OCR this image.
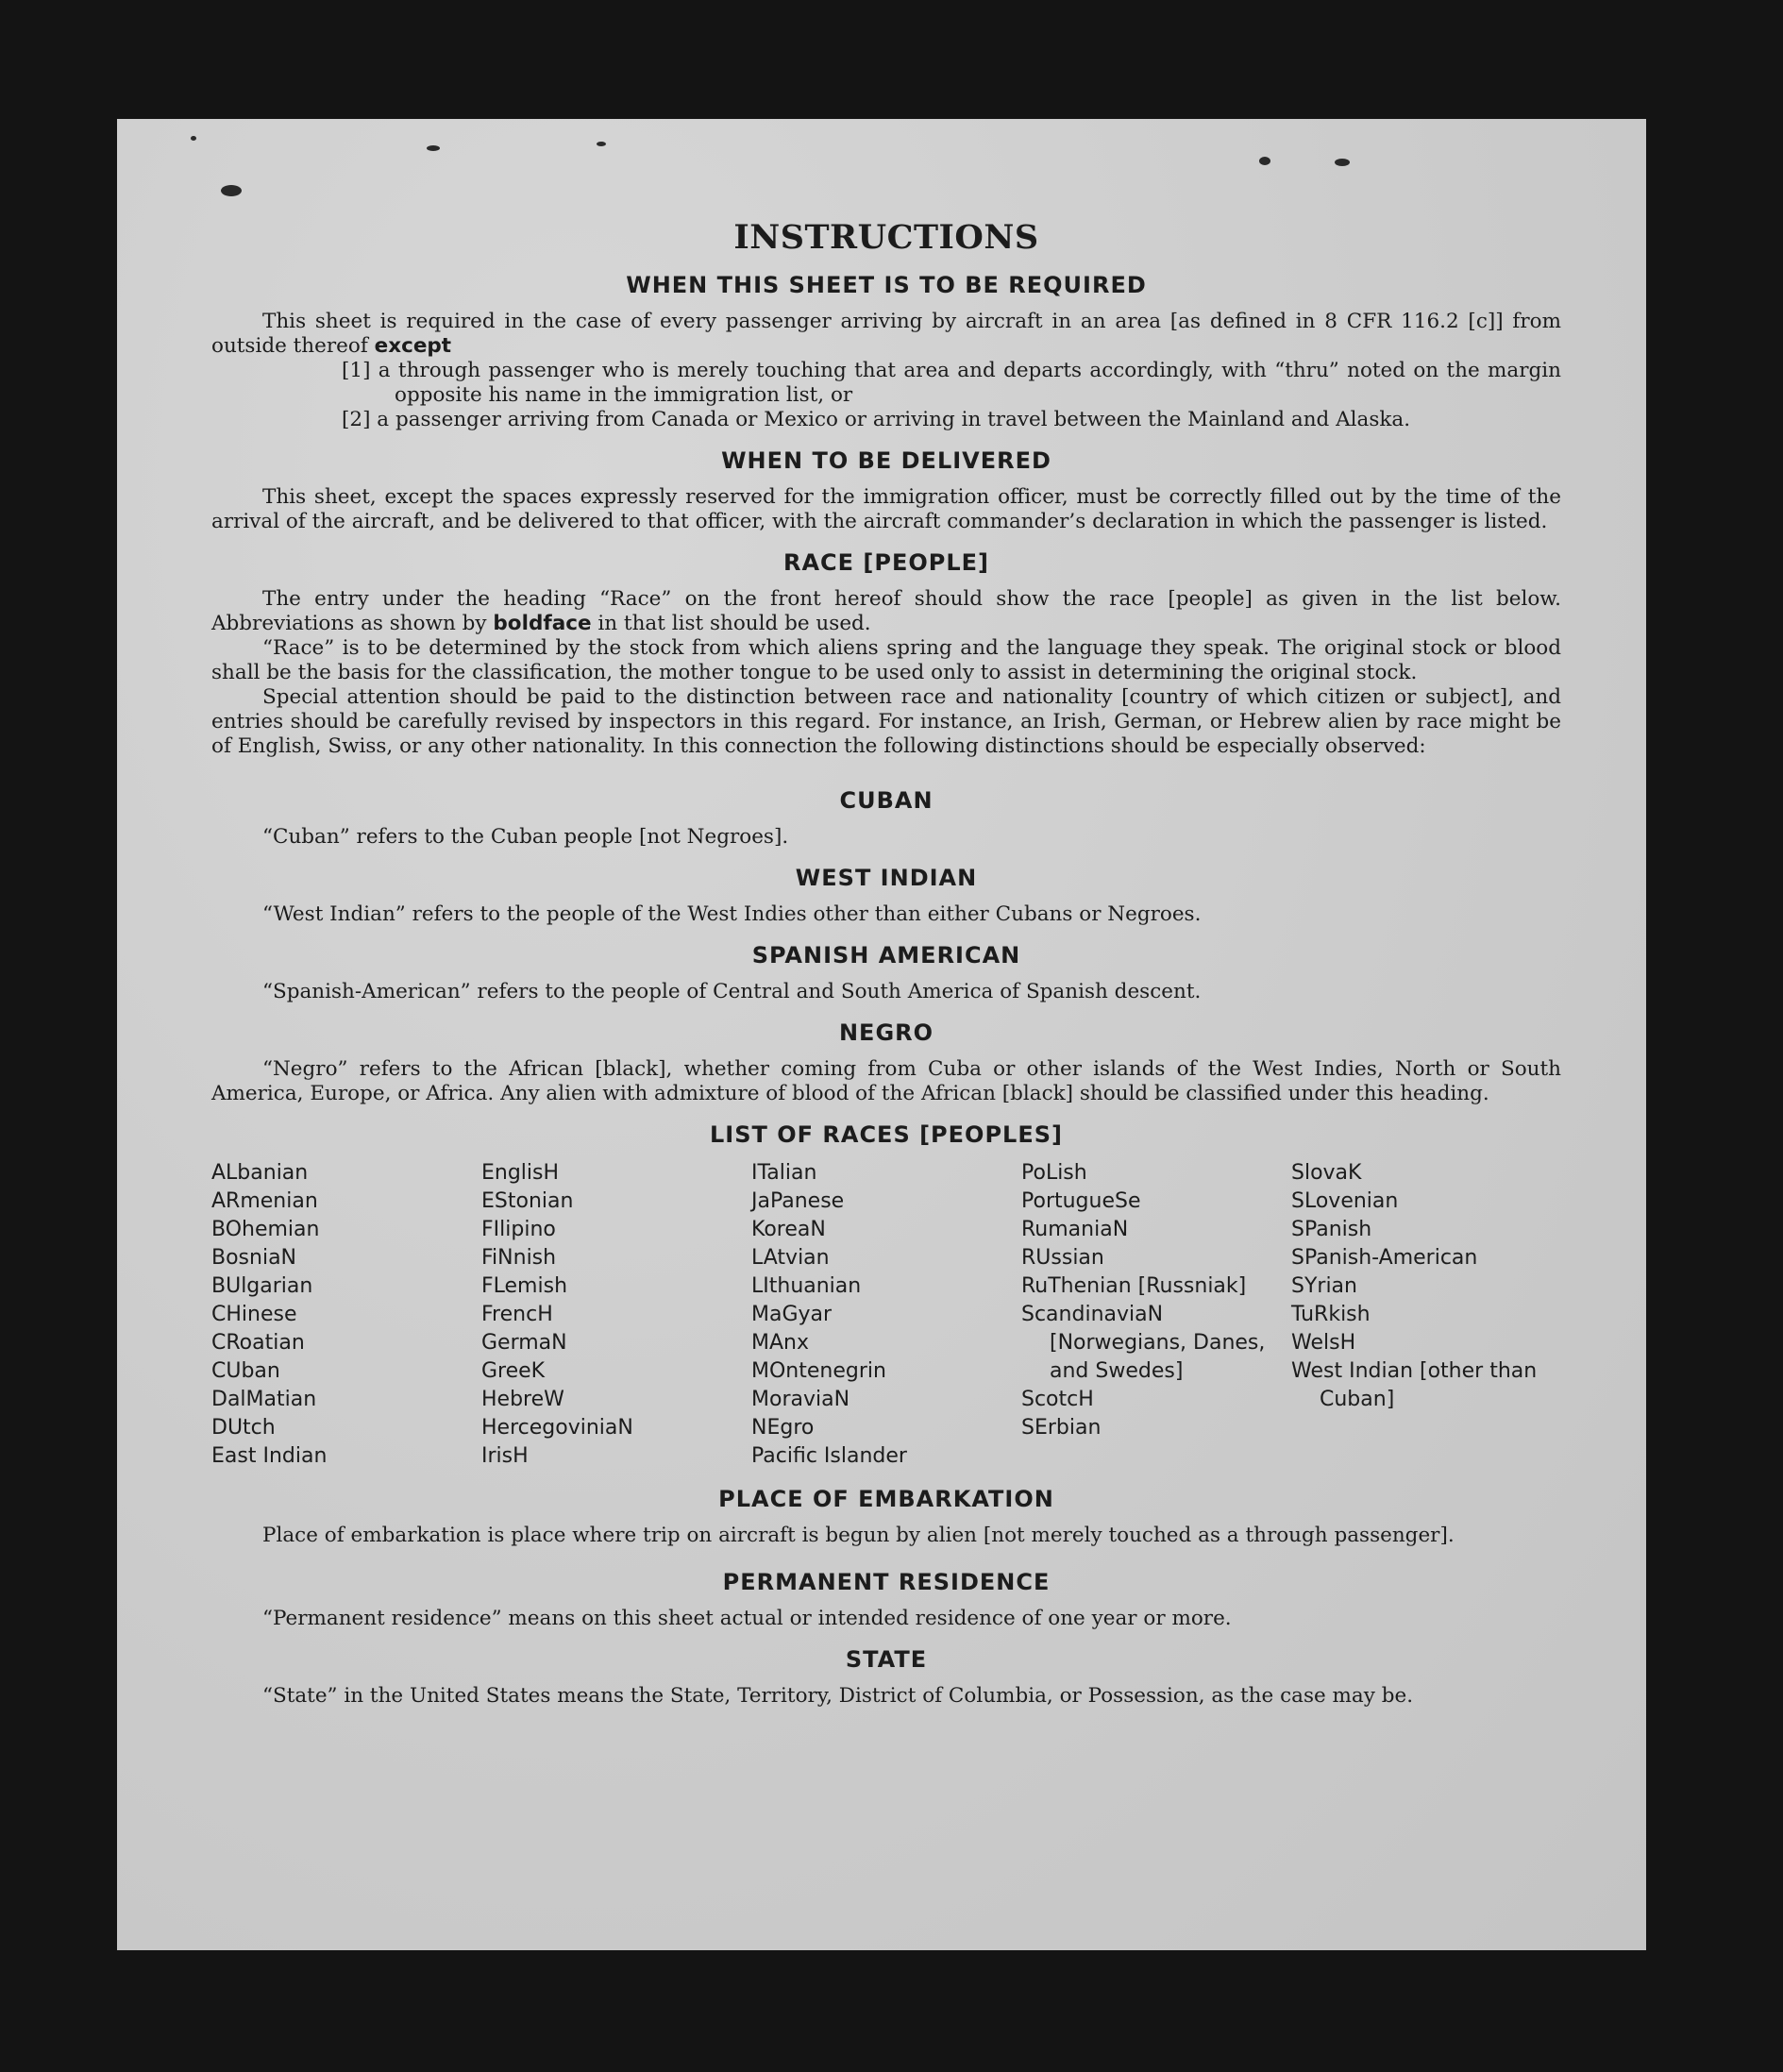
INSTRUCTIONS
WHEN THIS SHEET IS TO BE REQUIRED

This sheet is required in the case of every passenger arriving by aircraft in an area [as defined in 8 CFR 116.2 [c]] from outside thereof except

[1] a through passenger who is merely touching that area and departs accordingly, with “thru” noted on the margin opposite his name in the immigration list, or

[2] a passenger arriving from Canada or Mexico or arriving in travel between the Mainland and Alaska.

WHEN TO BE DELIVERED

This sheet, except the spaces expressly reserved for the immigration officer, must be correctly filled out by the time of the arrival of the aircraft, and be delivered to that officer, with the aircraft commander’s declaration in which the passenger is listed.

RACE [PEOPLE]

The entry under the heading “Race” on the front hereof should show the race [people] as given in the list below. Abbreviations as shown by boldface in that list should be used.

“Race” is to be determined by the stock from which aliens spring and the language they speak. The original stock or blood shall be the basis for the classification, the mother tongue to be used only to assist in determining the original stock.

Special attention should be paid to the distinction between race and nationality [country of which citizen or subject], and entries should be carefully revised by inspectors in this regard. For instance, an Irish, German, or Hebrew alien by race might be of English, Swiss, or any other nationality. In this connection the following distinctions should be especially observed:

CUBAN

“Cuban” refers to the Cuban people [not Negroes].

WEST INDIAN

“West Indian” refers to the people of the West Indies other than either Cubans or Negroes.

SPANISH AMERICAN

“Spanish-American” refers to the people of Central and South America of Spanish descent.

NEGRO

“Negro” refers to the African [black], whether coming from Cuba or other islands of the West Indies, North or South America, Europe, or Africa. Any alien with admixture of blood of the African [black] should be classified under this heading.

LIST OF RACES [PEOPLES]
ALbanian
ARmenian
BOhemian
BosniaN
BUlgarian
CHinese
CRoatian
CUban
DalMatian
DUtch
East Indian
EnglisH
EStonian
FIlipino
FiNnish
FLemish
FrencH
GermaN
GreeK
HebreW
HercegoviniaN
IrisH
ITalian
JaPanese
KoreaN
LAtvian
LIthuanian
MaGyar
MAnx
MOntenegrin
MoraviaN
NEgro
Pacific Islander
PoLish
PortugueSe
RumaniaN
RUssian
RuThenian [Russniak]
ScandinaviaN [Norwegians, Danes, and Swedes]
ScotcH
SErbian
SlovaK
SLovenian
SPanish
SPanish-American
SYrian
TuRkish
WelsH
West Indian [other than Cuban]
PLACE OF EMBARKATION

Place of embarkation is place where trip on aircraft is begun by alien [not merely touched as a through passenger].

PERMANENT RESIDENCE

“Permanent residence” means on this sheet actual or intended residence of one year or more.

STATE

“State” in the United States means the State, Territory, District of Columbia, or Possession, as the case may be.
